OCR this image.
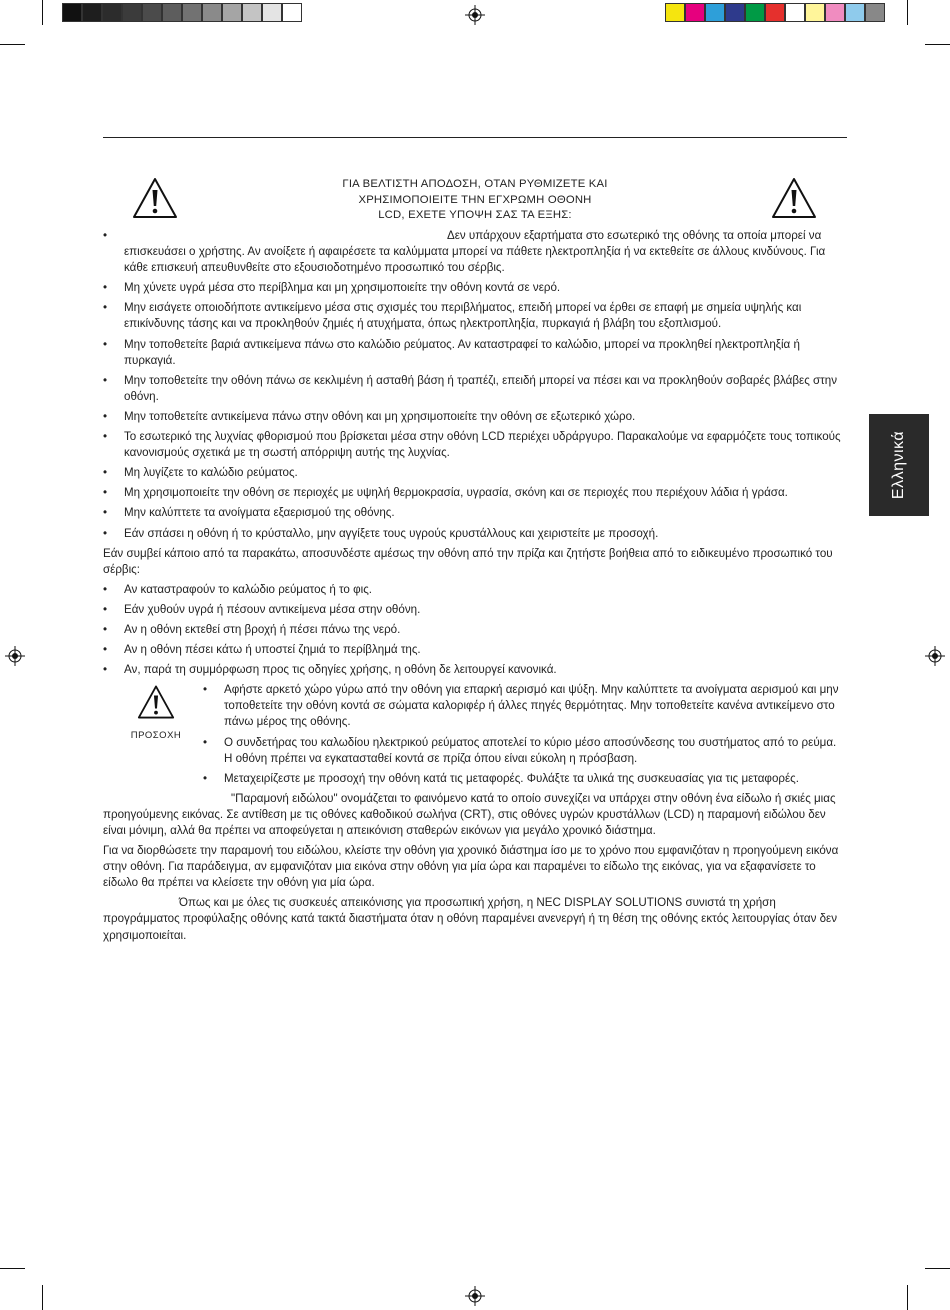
ΓΙΑ ΒΕΛΤΙΣΤΗ ΑΠΟΔΟΣΗ, ΟΤΑΝ ΡΥΘΜΙΖΕΤΕ ΚΑΙ
ΧΡΗΣΙΜΟΠΟΙΕΙΤΕ ΤΗΝ ΕΓΧΡΩΜΗ ΟΘΟΝΗ
LCD, ΕΧΕΤΕ ΥΠΟΨΗ ΣΑΣ ΤΑ ΕΞΗΣ:
Ελληνικά
• Δεν υπάρχουν εξαρτήματα στο εσωτερικό της οθόνης τα οποία μπορεί να επισκευάσει ο χρήστης. Αν ανοίξετε ή αφαιρέσετε τα καλύμματα μπορεί να πάθετε ηλεκτροπληξία ή να εκτεθείτε σε άλλους κινδύνους. Για κάθε επισκευή απευθυνθείτε στο εξουσιοδοτημένο προσωπικό του σέρβις.
• Μη χύνετε υγρά μέσα στο περίβλημα και μη χρησιμοποιείτε την οθόνη κοντά σε νερό.
• Μην εισάγετε οποιοδήποτε αντικείμενο μέσα στις σχισμές του περιβλήματος, επειδή μπορεί να έρθει σε επαφή με σημεία υψηλής και επικίνδυνης τάσης και να προκληθούν ζημιές ή ατυχήματα, όπως ηλεκτροπληξία, πυρκαγιά ή βλάβη του εξοπλισμού.
• Μην τοποθετείτε βαριά αντικείμενα πάνω στο καλώδιο ρεύματος. Αν καταστραφεί το καλώδιο, μπορεί να προκληθεί ηλεκτροπληξία ή πυρκαγιά.
• Μην τοποθετείτε την οθόνη πάνω σε κεκλιμένη ή ασταθή βάση ή τραπέζι, επειδή μπορεί να πέσει και να προκληθούν σοβαρές βλάβες στην οθόνη.
• Μην τοποθετείτε αντικείμενα πάνω στην οθόνη και μη χρησιμοποιείτε την οθόνη σε εξωτερικό χώρο.
• Το εσωτερικό της λυχνίας φθορισμού που βρίσκεται μέσα στην οθόνη LCD περιέχει υδράργυρο. Παρακαλούμε να εφαρμόζετε τους τοπικούς κανονισμούς σχετικά με τη σωστή απόρριψη αυτής της λυχνίας.
• Μη λυγίζετε το καλώδιο ρεύματος.
• Μη χρησιμοποιείτε την οθόνη σε περιοχές με υψηλή θερμοκρασία, υγρασία, σκόνη και σε περιοχές που περιέχουν λάδια ή γράσα.
• Μην καλύπτετε τα ανοίγματα εξαερισμού της οθόνης.
• Εάν σπάσει η οθόνη ή το κρύσταλλο, μην αγγίξετε τους υγρούς κρυστάλλους και χειριστείτε με προσοχή.

Εάν συμβεί κάποιο από τα παρακάτω, αποσυνδέστε αμέσως την οθόνη από την πρίζα και ζητήστε βοήθεια από το ειδικευμένο προσωπικό του σέρβις:

• Αν καταστραφούν το καλώδιο ρεύματος ή το φις.
• Εάν χυθούν υγρά ή πέσουν αντικείμενα μέσα στην οθόνη.
• Αν η οθόνη εκτεθεί στη βροχή ή πέσει πάνω της νερό.
• Αν η οθόνη πέσει κάτω ή υποστεί ζημιά το περίβλημά της.
• Αν, παρά τη συμμόρφωση προς τις οδηγίες χρήσης, η οθόνη δε λειτουργεί κανονικά.
ΠΡΟΣΟΧΗ
• Αφήστε αρκετό χώρο γύρω από την οθόνη για επαρκή αερισμό και ψύξη. Μην καλύπτετε τα ανοίγματα αερισμού και μην τοποθετείτε την οθόνη κοντά σε σώματα καλοριφέρ ή άλλες πηγές θερμότητας. Μην τοποθετείτε κανένα αντικείμενο στο πάνω μέρος της οθόνης.
• Ο συνδετήρας του καλωδίου ηλεκτρικού ρεύματος αποτελεί το κύριο μέσο αποσύνδεσης του συστήματος από το ρεύμα. Η οθόνη πρέπει να εγκατασταθεί κοντά σε πρίζα όπου είναι εύκολη η πρόσβαση.
• Μεταχειρίζεστε με προσοχή την οθόνη κατά τις μεταφορές. Φυλάξτε τα υλικά της συσκευασίας για τις μεταφορές.

"Παραμονή ειδώλου" ονομάζεται το φαινόμενο κατά το οποίο συνεχίζει να υπάρχει στην οθόνη ένα είδωλο ή σκιές μιας προηγούμενης εικόνας. Σε αντίθεση με τις οθόνες καθοδικού σωλήνα (CRT), στις οθόνες υγρών κρυστάλλων (LCD) η παραμονή ειδώλου δεν είναι μόνιμη, αλλά θα πρέπει να αποφεύγεται η απεικόνιση σταθερών εικόνων για μεγάλο χρονικό διάστημα.

Για να διορθώσετε την παραμονή του ειδώλου, κλείστε την οθόνη για χρονικό διάστημα ίσο με το χρόνο που εμφανιζόταν η προηγούμενη εικόνα στην οθόνη. Για παράδειγμα, αν εμφανιζόταν μια εικόνα στην οθόνη για μία ώρα και παραμένει το είδωλο της εικόνας, για να εξαφανίσετε το είδωλο θα πρέπει να κλείσετε την οθόνη για μία ώρα.

Όπως και με όλες τις συσκευές απεικόνισης για προσωπική χρήση, η NEC DISPLAY SOLUTIONS συνιστά τη χρήση προγράμματος προφύλαξης οθόνης κατά τακτά διαστήματα όταν η οθόνη παραμένει ανενεργή ή τη θέση της οθόνης εκτός λειτουργίας όταν δεν χρησιμοποιείται.
